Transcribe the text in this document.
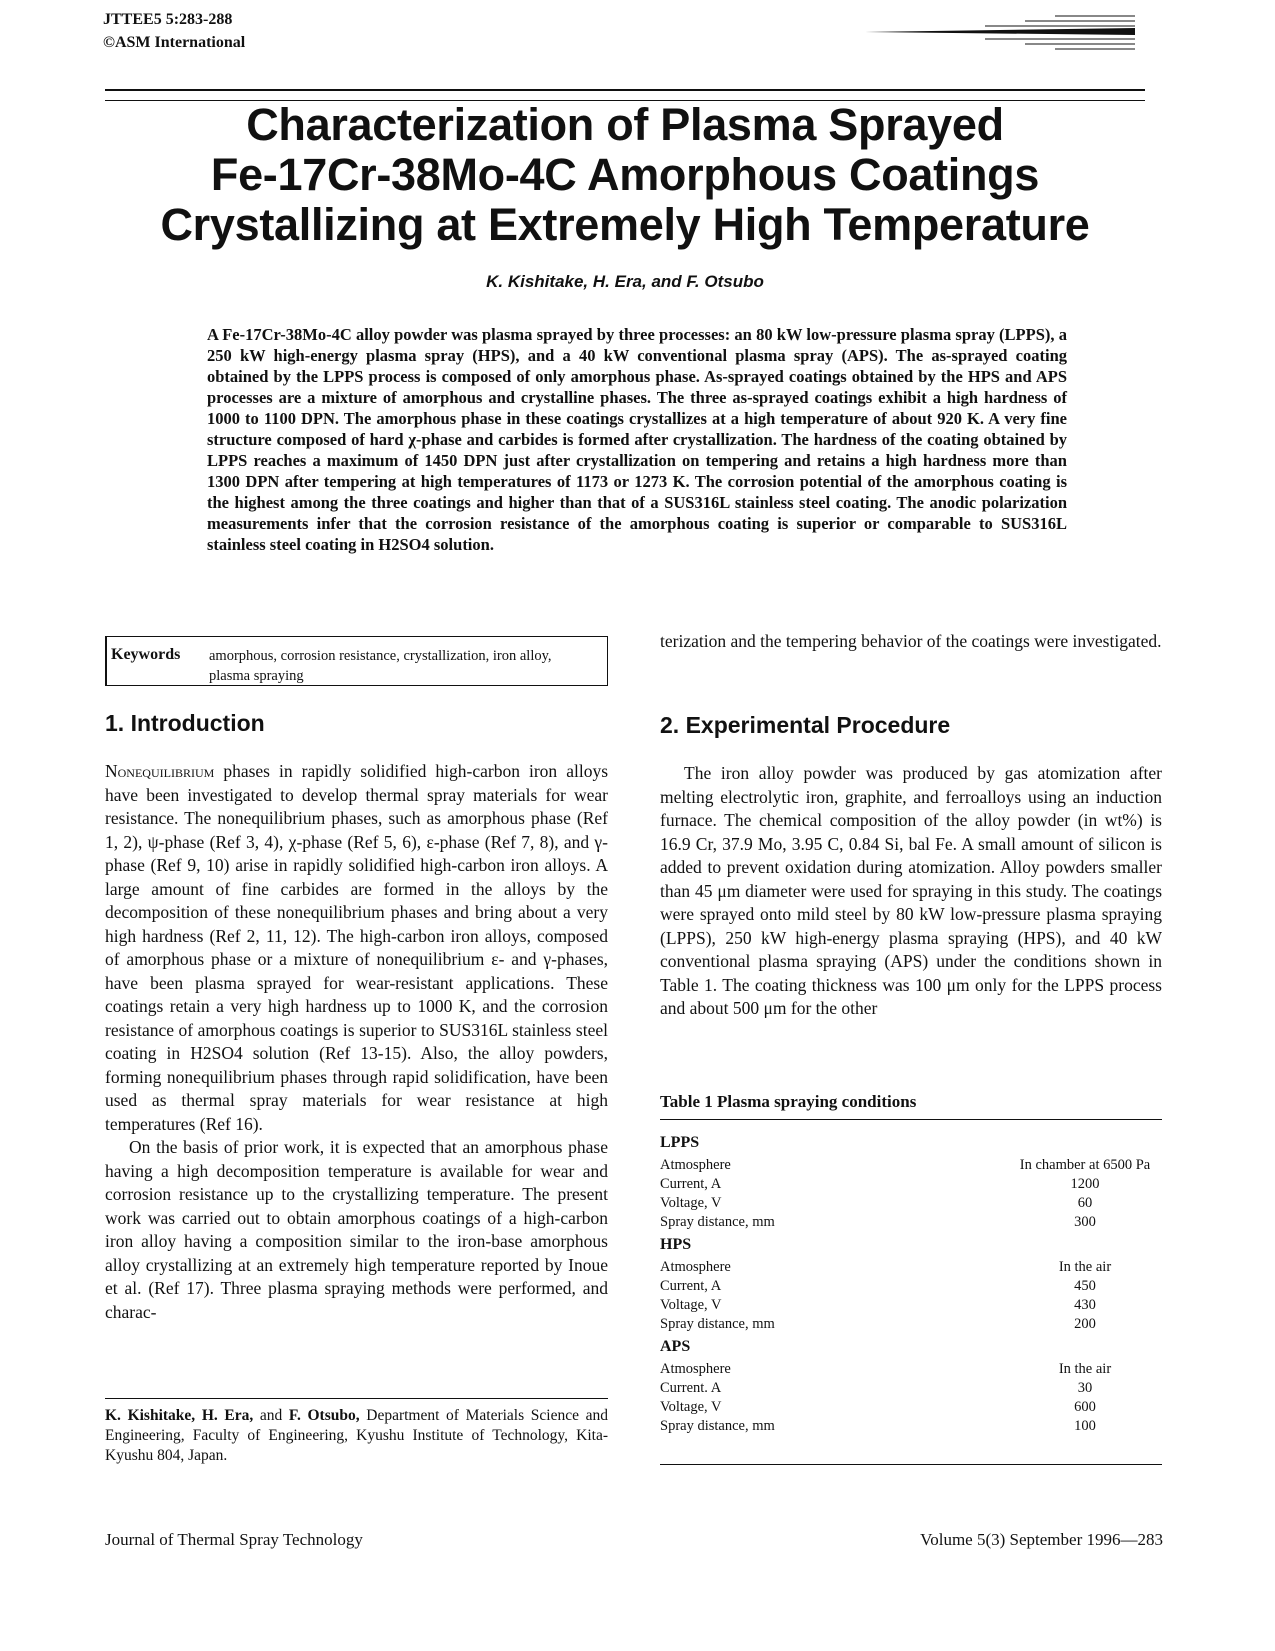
JTTEE5 5:283-288
©ASM International
Characterization of Plasma Sprayed
Fe-17Cr-38Mo-4C Amorphous Coatings
Crystallizing at Extremely High Temperature
K. Kishitake, H. Era, and F. Otsubo
A Fe-17Cr-38Mo-4C alloy powder was plasma sprayed by three processes: an 80 kW low-pressure plasma spray (LPPS), a 250 kW high-energy plasma spray (HPS), and a 40 kW conventional plasma spray (APS). The as-sprayed coating obtained by the LPPS process is composed of only amorphous phase. As-sprayed coatings obtained by the HPS and APS processes are a mixture of amorphous and crystalline phases. The three as-sprayed coatings exhibit a high hardness of 1000 to 1100 DPN. The amorphous phase in these coatings crystallizes at a high temperature of about 920 K. A very fine structure composed of hard χ-phase and carbides is formed after crystallization. The hardness of the coating obtained by LPPS reaches a maximum of 1450 DPN just after crystallization on tempering and retains a high hardness more than 1300 DPN after tempering at high temperatures of 1173 or 1273 K. The corrosion potential of the amorphous coating is the highest among the three coatings and higher than that of a SUS316L stainless steel coating. The anodic polarization measurements infer that the corrosion resistance of the amorphous coating is superior or comparable to SUS316L stainless steel coating in H2SO4 solution.
Keywords amorphous, corrosion resistance, crystallization, iron alloy, plasma spraying
1. Introduction

Nonequilibrium phases in rapidly solidified high-carbon iron alloys have been investigated to develop thermal spray materials for wear resistance. The nonequilibrium phases, such as amorphous phase (Ref 1, 2), ψ-phase (Ref 3, 4), χ-phase (Ref 5, 6), ε-phase (Ref 7, 8), and γ-phase (Ref 9, 10) arise in rapidly solidified high-carbon iron alloys. A large amount of fine carbides are formed in the alloys by the decomposition of these nonequilibrium phases and bring about a very high hardness (Ref 2, 11, 12). The high-carbon iron alloys, composed of amorphous phase or a mixture of nonequilibrium ε- and γ-phases, have been plasma sprayed for wear-resistant applications. These coatings retain a very high hardness up to 1000 K, and the corrosion resistance of amorphous coatings is superior to SUS316L stainless steel coating in H2SO4 solution (Ref 13-15). Also, the alloy powders, forming nonequilibrium phases through rapid solidification, have been used as thermal spray materials for wear resistance at high temperatures (Ref 16).

On the basis of prior work, it is expected that an amorphous phase having a high decomposition temperature is available for wear and corrosion resistance up to the crystallizing temperature. The present work was carried out to obtain amorphous coatings of a high-carbon iron alloy having a composition similar to the iron-base amorphous alloy crystallizing at an extremely high temperature reported by Inoue et al. (Ref 17). Three plasma spraying methods were performed, and charac-

K. Kishitake, H. Era, and F. Otsubo, Department of Materials Science and Engineering, Faculty of Engineering, Kyushu Institute of Technology, Kita-Kyushu 804, Japan.
terization and the tempering behavior of the coatings were investigated.
2. Experimental Procedure
The iron alloy powder was produced by gas atomization after melting electrolytic iron, graphite, and ferroalloys using an induction furnace. The chemical composition of the alloy powder (in wt%) is 16.9 Cr, 37.9 Mo, 3.95 C, 0.84 Si, bal Fe. A small amount of silicon is added to prevent oxidation during atomization. Alloy powders smaller than 45 μm diameter were used for spraying in this study. The coatings were sprayed onto mild steel by 80 kW low-pressure plasma spraying (LPPS), 250 kW high-energy plasma spraying (HPS), and 40 kW conventional plasma spraying (APS) under the conditions shown in Table 1. The coating thickness was 100 μm only for the LPPS process and about 500 μm for the other
Table 1 Plasma spraying conditions
LPPS
Atmosphere	In chamber at 6500 Pa
Current, A	1200
Voltage, V	60
Spray distance, mm	300
HPS
Atmosphere	In the air
Current, A	450
Voltage, V	430
Spray distance, mm	200
APS
Atmosphere	In the air
Current. A	30
Voltage, V	600
Spray distance, mm	100
Journal of Thermal Spray Technology	Volume 5(3) September 1996—283
